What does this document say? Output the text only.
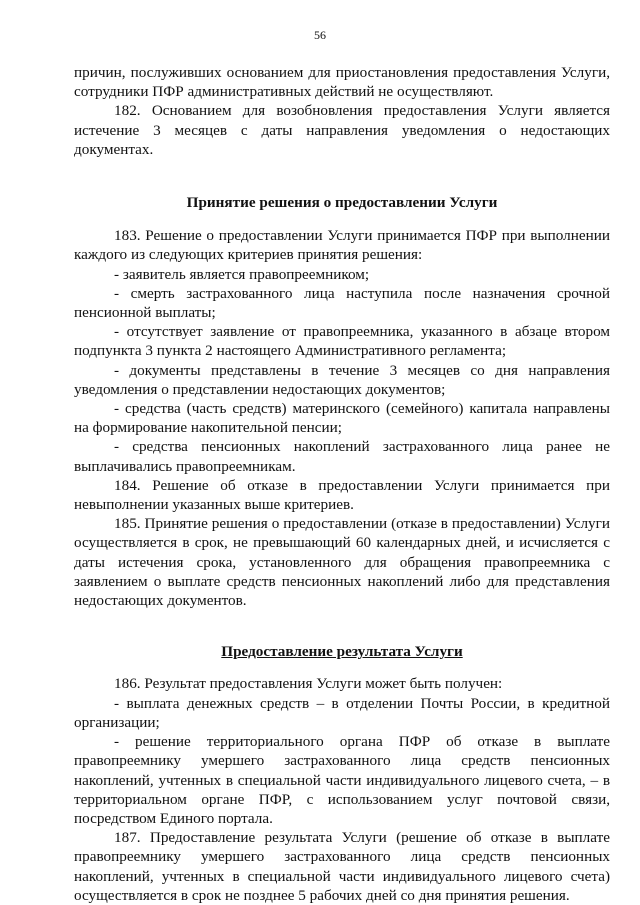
56

причин, послуживших основанием для приостановления предоставления Услуги, сотрудники ПФР административных действий не осуществляют.

182. Основанием для возобновления предоставления Услуги является истечение 3 месяцев с даты направления уведомления о недостающих документах.

Принятие решения о предоставлении Услуги

183. Решение о предоставлении Услуги принимается ПФР при выполнении каждого из следующих критериев принятия решения:

- заявитель является правопреемником;

- смерть застрахованного лица наступила после назначения срочной пенсионной выплаты;

- отсутствует заявление от правопреемника, указанного в абзаце втором подпункта 3 пункта 2 настоящего Административного регламента;

- документы представлены в течение 3 месяцев со дня направления уведомления о представлении недостающих документов;

- средства (часть средств) материнского (семейного) капитала направлены на формирование накопительной пенсии;

- средства пенсионных накоплений застрахованного лица ранее не выплачивались правопреемникам.

184. Решение об отказе в предоставлении Услуги принимается при невыполнении указанных выше критериев.

185. Принятие решения о предоставлении (отказе в предоставлении) Услуги осуществляется в срок, не превышающий 60 календарных дней, и исчисляется с даты истечения срока, установленного для обращения правопреемника с заявлением о выплате средств пенсионных накоплений либо для представления недостающих документов.

Предоставление результата Услуги

186. Результат предоставления Услуги может быть получен:

- выплата денежных средств – в отделении Почты России, в кредитной организации;

- решение территориального органа ПФР об отказе в выплате правопреемнику умершего застрахованного лица средств пенсионных накоплений, учтенных в специальной части индивидуального лицевого счета, – в территориальном органе ПФР, с использованием услуг почтовой связи, посредством Единого портала.

187. Предоставление результата Услуги (решение об отказе в выплате правопреемнику умершего застрахованного лица средств пенсионных накоплений, учтенных в специальной части индивидуального лицевого счета) осуществляется в срок не позднее 5 рабочих дней со дня принятия решения.
